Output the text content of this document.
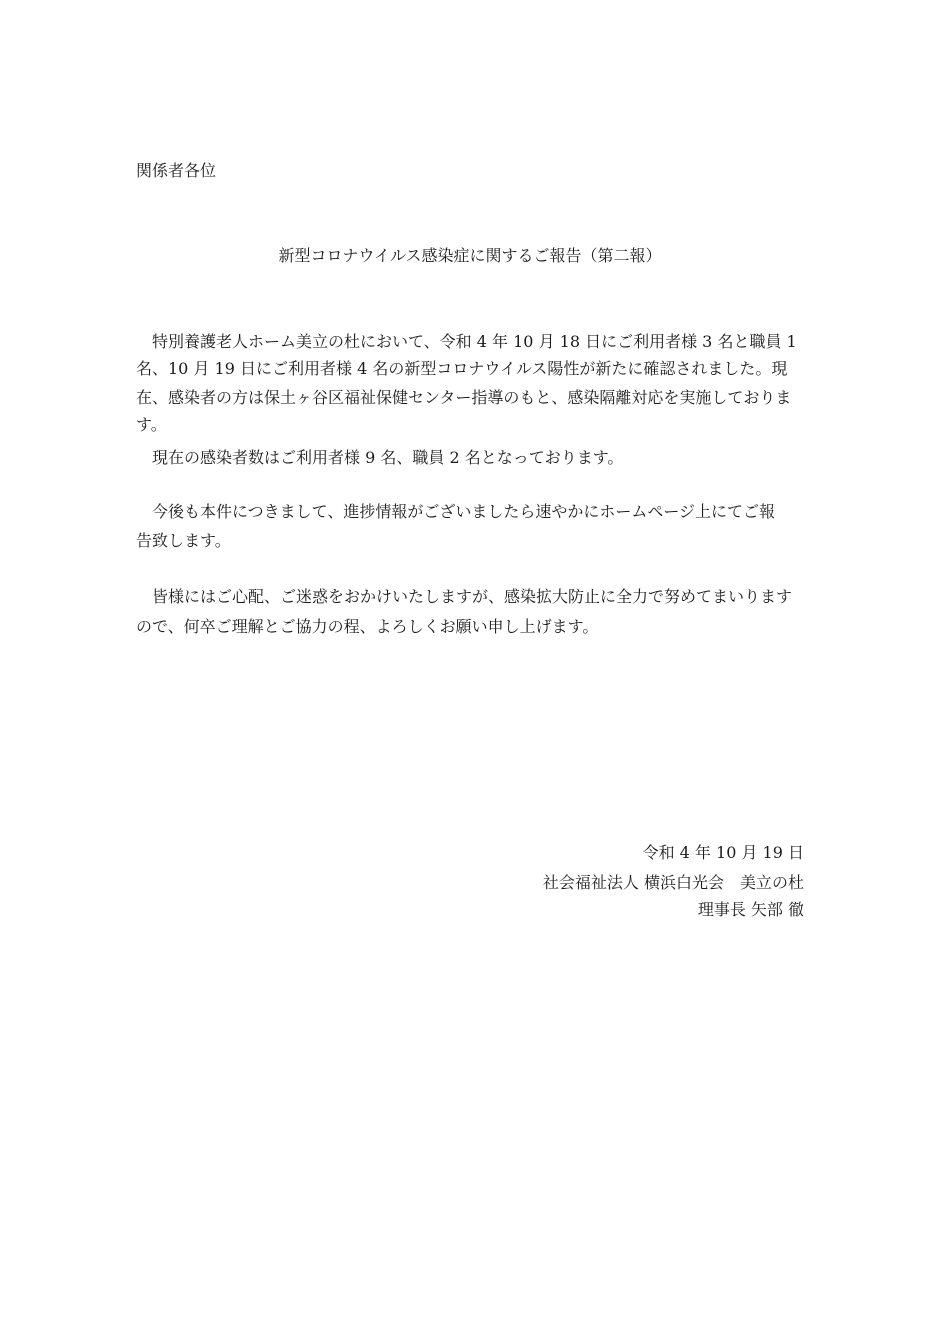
関係者各位
新型コロナウイルス感染症に関するご報告（第二報）
　特別養護老人ホーム美立の杜において、令和 4 年 10 月 18 日にご利用者様 3 名と職員 1
名、10 月 19 日にご利用者様 4 名の新型コロナウイルス陽性が新たに確認されました。現
在、感染者の方は保土ヶ谷区福祉保健センター指導のもと、感染隔離対応を実施しておりま
す。
　現在の感染者数はご利用者様 9 名、職員 2 名となっております。
　今後も本件につきまして、進捗情報がございましたら速やかにホームページ上にてご報
告致します。
　皆様にはご心配、ご迷惑をおかけいたしますが、感染拡大防止に全力で努めてまいります
ので、何卒ご理解とご協力の程、よろしくお願い申し上げます。
令和 4 年 10 月 19 日
社会福祉法人 横浜白光会　美立の杜
理事長 矢部 徹
